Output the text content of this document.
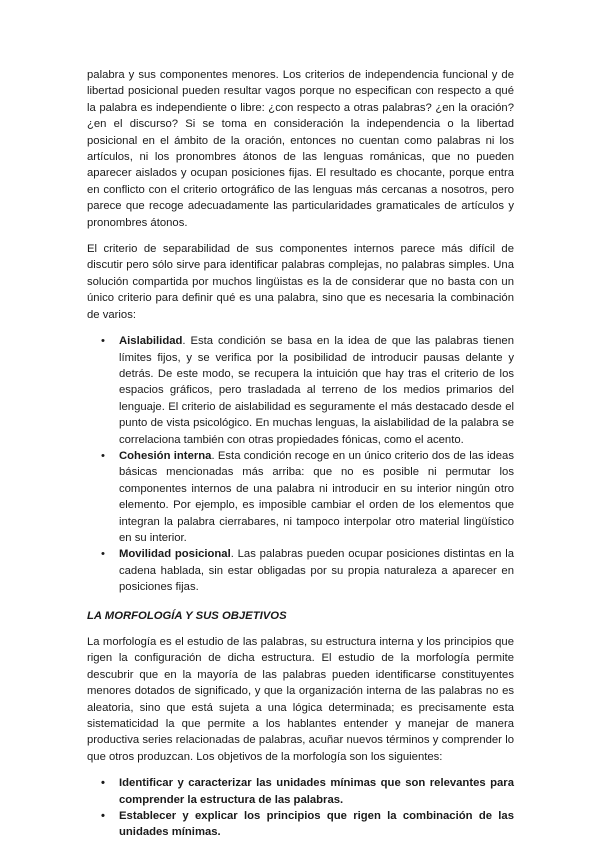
palabra y sus componentes menores. Los criterios de independencia funcional y de libertad posicional pueden resultar vagos porque no especifican con respecto a qué la palabra es independiente o libre: ¿con respecto a otras palabras? ¿en la oración? ¿en el discurso? Si se toma en consideración la independencia o la libertad posicional en el ámbito de la oración, entonces no cuentan como palabras ni los artículos, ni los pronombres átonos de las lenguas románicas, que no pueden aparecer aislados y ocupan posiciones fijas. El resultado es chocante, porque entra en conflicto con el criterio ortográfico de las lenguas más cercanas a nosotros, pero parece que recoge adecuadamente las particularidades gramaticales de artículos y pronombres átonos.

El criterio de separabilidad de sus componentes internos parece más difícil de discutir pero sólo sirve para identificar palabras complejas, no palabras simples. Una solución compartida por muchos lingüistas es la de considerar que no basta con un único criterio para definir qué es una palabra, sino que es necesaria la combinación de varios:

• Aislabilidad. Esta condición se basa en la idea de que las palabras tienen límites fijos, y se verifica por la posibilidad de introducir pausas delante y detrás. De este modo, se recupera la intuición que hay tras el criterio de los espacios gráficos, pero trasladada al terreno de los medios primarios del lenguaje. El criterio de aislabilidad es seguramente el más destacado desde el punto de vista psicológico. En muchas lenguas, la aislabilidad de la palabra se correlaciona también con otras propiedades fónicas, como el acento.
• Cohesión interna. Esta condición recoge en un único criterio dos de las ideas básicas mencionadas más arriba: que no es posible ni permutar los componentes internos de una palabra ni introducir en su interior ningún otro elemento. Por ejemplo, es imposible cambiar el orden de los elementos que integran la palabra cierrabares, ni tampoco interpolar otro material lingüístico en su interior.
• Movilidad posicional. Las palabras pueden ocupar posiciones distintas en la cadena hablada, sin estar obligadas por su propia naturaleza a aparecer en posiciones fijas.
LA MORFOLOGÍA Y SUS OBJETIVOS

La morfología es el estudio de las palabras, su estructura interna y los principios que rigen la configuración de dicha estructura. El estudio de la morfología permite descubrir que en la mayoría de las palabras pueden identificarse constituyentes menores dotados de significado, y que la organización interna de las palabras no es aleatoria, sino que está sujeta a una lógica determinada; es precisamente esta sistematicidad la que permite a los hablantes entender y manejar de manera productiva series relacionadas de palabras, acuñar nuevos términos y comprender lo que otros produzcan. Los objetivos de la morfología son los siguientes:

• Identificar y caracterizar las unidades mínimas que son relevantes para comprender la estructura de las palabras.
• Establecer y explicar los principios que rigen la combinación de las unidades mínimas.
